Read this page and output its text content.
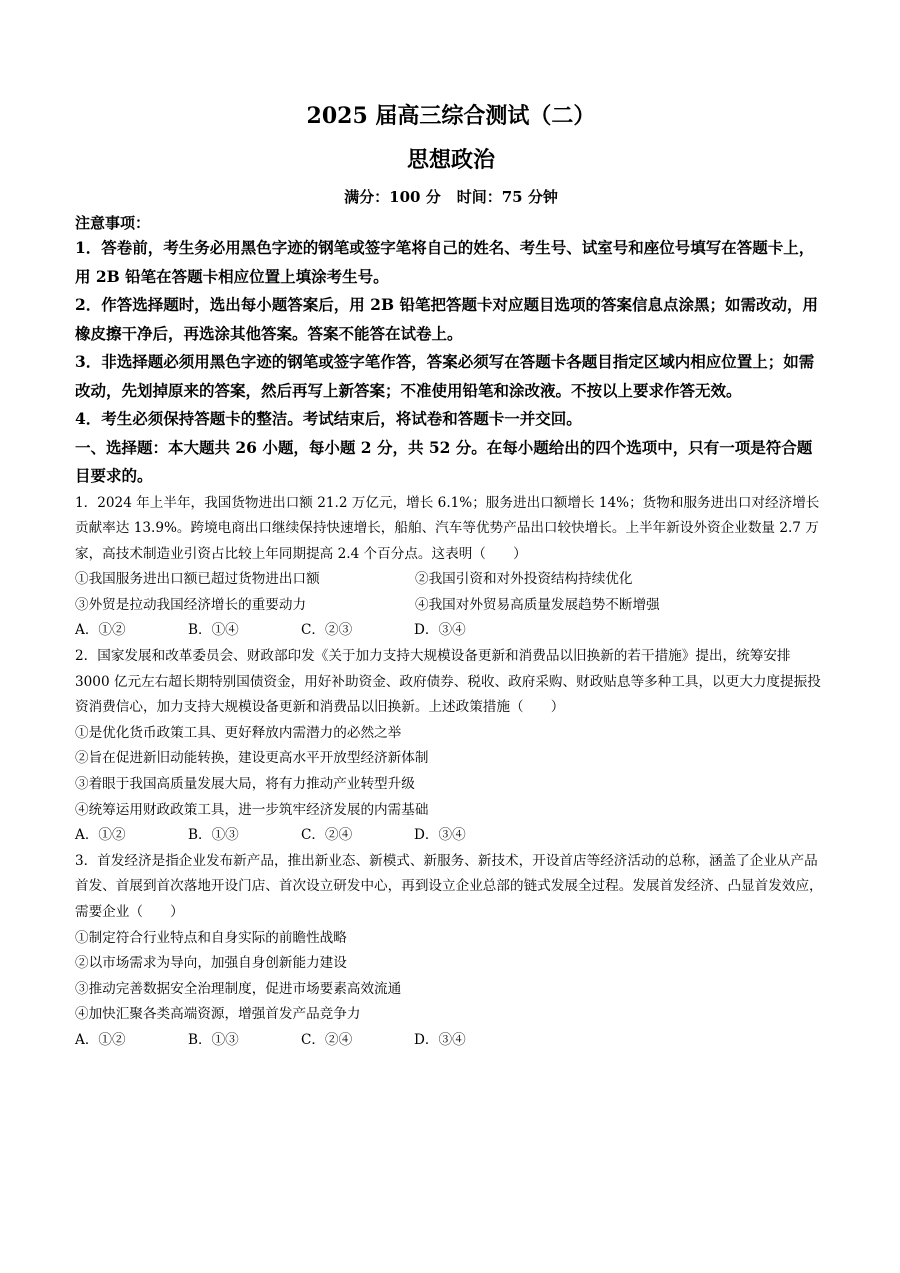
2025 届高三综合测试（二）
思想政治
满分：100 分 时间：75 分钟
注意事项：

1．答卷前，考生务必用黑色字迹的钢笔或签字笔将自己的姓名、考生号、试室号和座位号填写在答题卡上，用 2B 铅笔在答题卡相应位置上填涂考生号。

2．作答选择题时，选出每小题答案后，用 2B 铅笔把答题卡对应题目选项的答案信息点涂黑；如需改动，用橡皮擦干净后，再选涂其他答案。答案不能答在试卷上。

3．非选择题必须用黑色字迹的钢笔或签字笔作答，答案必须写在答题卡各题目指定区域内相应位置上；如需改动，先划掉原来的答案，然后再写上新答案；不准使用铅笔和涂改液。不按以上要求作答无效。

4．考生必须保持答题卡的整洁。考试结束后，将试卷和答题卡一并交回。

一、选择题：本大题共 26 小题，每小题 2 分，共 52 分。在每小题给出的四个选项中，只有一项是符合题目要求的。

1．2024 年上半年，我国货物进出口额 21.2 万亿元，增长 6.1%；服务进出口额增长 14%；货物和服务进出口对经济增长贡献率达 13.9%。跨境电商出口继续保持快速增长，船舶、汽车等优势产品出口较快增长。上半年新设外资企业数量 2.7 万家，高技术制造业引资占比较上年同期提高 2.4 个百分点。这表明（　　）

①我国服务进出口额已超过货物进出口额	②我国引资和对外投资结构持续优化
③外贸是拉动我国经济增长的重要动力	④我国对外贸易高质量发展趋势不断增强
A．①②	B．①④	C．②③	D．③④

2．国家发展和改革委员会、财政部印发《关于加力支持大规模设备更新和消费品以旧换新的若干措施》提出，统筹安排 3000 亿元左右超长期特别国债资金，用好补助资金、政府债券、税收、政府采购、财政贴息等多种工具，以更大力度提振投资消费信心，加力支持大规模设备更新和消费品以旧换新。上述政策措施（　　）

①是优化货币政策工具、更好释放内需潜力的必然之举

②旨在促进新旧动能转换，建设更高水平开放型经济新体制

③着眼于我国高质量发展大局，将有力推动产业转型升级

④统筹运用财政政策工具，进一步筑牢经济发展的内需基础

A．①②	B．①③	C．②④	D．③④

3．首发经济是指企业发布新产品，推出新业态、新模式、新服务、新技术，开设首店等经济活动的总称，涵盖了企业从产品首发、首展到首次落地开设门店、首次设立研发中心，再到设立企业总部的链式发展全过程。发展首发经济、凸显首发效应，需要企业（　　）

①制定符合行业特点和自身实际的前瞻性战略

②以市场需求为导向，加强自身创新能力建设

③推动完善数据安全治理制度，促进市场要素高效流通

④加快汇聚各类高端资源，增强首发产品竞争力

A．①②	B．①③	C．②④	D．③④
